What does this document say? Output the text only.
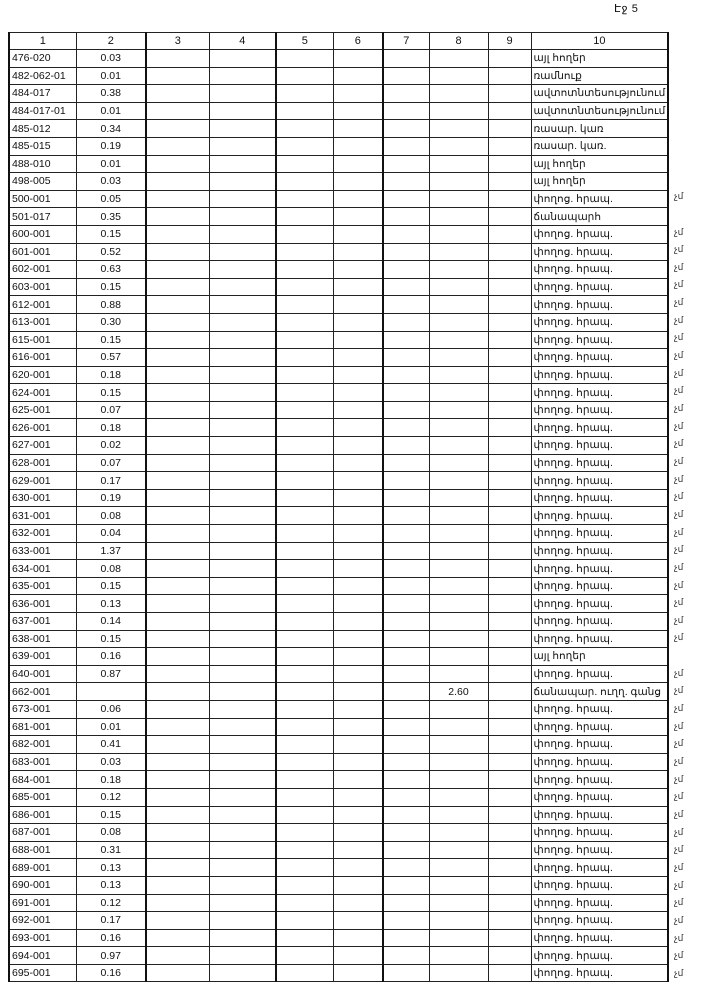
Էջ 5
1	2	3	4	5	6	7	8	9	10
476-020	0.03								այլ հողեր
482-062-01	0.01								ռամնուք
484-017	0.38								ավտոտնտեսությունում
484-017-01	0.01								ավտոտնտեսությունում
485-012	0.34								ռասար. կառ
485-015	0.19								ռասար. կառ.
488-010	0.01								այլ հողեր
498-005	0.03								այլ հողեր
500-001	0.05								փողոց. հրապ.
501-017	0.35								ճանապարհ
600-001	0.15								փողոց. հրապ.
601-001	0.52								փողոց. հրապ.
602-001	0.63								փողոց. հրապ.
603-001	0.15								փողոց. հրապ.
612-001	0.88								փողոց. հրապ.
613-001	0.30								փողոց. հրապ.
615-001	0.15								փողոց. հրապ.
616-001	0.57								փողոց. հրապ.
620-001	0.18								փողոց. հրապ.
624-001	0.15								փողոց. հրապ.
625-001	0.07								փողոց. հրապ.
626-001	0.18								փողոց. հրապ.
627-001	0.02								փողոց. հրապ.
628-001	0.07								փողոց. հրապ.
629-001	0.17								փողոց. հրապ.
630-001	0.19								փողոց. հրապ.
631-001	0.08								փողոց. հրապ.
632-001	0.04								փողոց. հրապ.
633-001	1.37								փողոց. հրապ.
634-001	0.08								փողոց. հրապ.
635-001	0.15								փողոց. հրապ.
636-001	0.13								փողոց. հրապ.
637-001	0.14								փողոց. հրապ.
638-001	0.15								փողոց. հրապ.
639-001	0.16								այլ հողեր
640-001	0.87								փողոց. հրապ.
662-001							2.60		ճանապար. ուղղ. գանց
673-001	0.06								փողոց. հրապ.
681-001	0.01								փողոց. հրապ.
682-001	0.41								փողոց. հրապ.
683-001	0.03								փողոց. հրապ.
684-001	0.18								փողոց. հրապ.
685-001	0.12								փողոց. հրապ.
686-001	0.15								փողոց. հրապ.
687-001	0.08								փողոց. հրապ.
688-001	0.31								փողոց. հրապ.
689-001	0.13								փողոց. հրապ.
690-001	0.13								փողոց. հրապ.
691-001	0.12								փողոց. հրապ.
692-001	0.17								փողոց. հրապ.
693-001	0.16								փողոց. հրապ.
694-001	0.97								փողոց. հրապ.
695-001	0.16								փողոց. հրապ.
չմ
չմ
չմ
չմ
չմ
չմ
չմ
չմ
չմ
չմ
չմ
չմ
չմ
չմ
չմ
չմ
չմ
չմ
չմ
չմ
չմ
չմ
չմ
չմ
չմ
չմ
չմ
չմ
չմ
չմ
չմ
չմ
չմ
չմ
չմ
չմ
չմ
չմ
չմ
չմ
չմ
չմ
չմ
